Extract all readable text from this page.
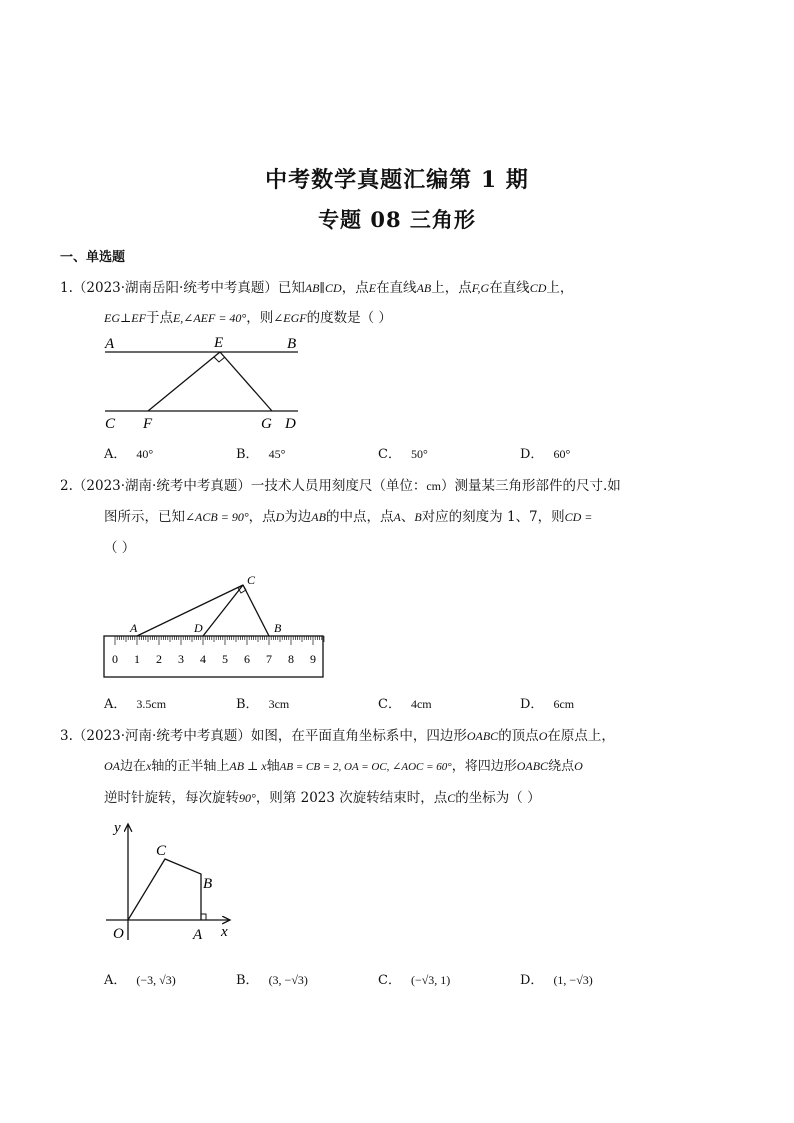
中考数学真题汇编第 1 期
专题 08 三角形
一、单选题
1.（2023·湖南岳阳·统考中考真题）已知AB∥CD，点E在直线AB上，点F,G在直线CD上，
EG⊥EF于点E,∠AEF = 40°，则∠EGF的度数是（ ）
A	E	B
C F	G D
A． 40°	B． 45°	C． 50°	D． 60°
2.（2023·湖南·统考中考真题）一技术人员用刻度尺（单位：cm）测量某三角形部件的尺寸.如
图所示，已知∠ACB = 90°，点D为边AB的中点，点A、B对应的刻度为 1、7，则CD =
（ ）
0 1 2 3 4 5 6 7 8 9
A	D	B
C
A． 3.5cm	B． 3cm	C． 4cm	D． 6cm
3.（2023·河南·统考中考真题）如图，在平面直角坐标系中，四边形OABC的顶点O在原点上，
OA边在x轴的正半轴上AB ⊥ x轴AB = CB = 2, OA = OC, ∠AOC = 60°，将四边形OABC绕点O
逆时针旋转，每次旋转90°，则第 2023 次旋转结束时，点C的坐标为（ ）
y
x
O	A
B
C
A． (−3, √3)	B． (3, −√3)	C． (−√3, 1)	D． (1, −√3)
